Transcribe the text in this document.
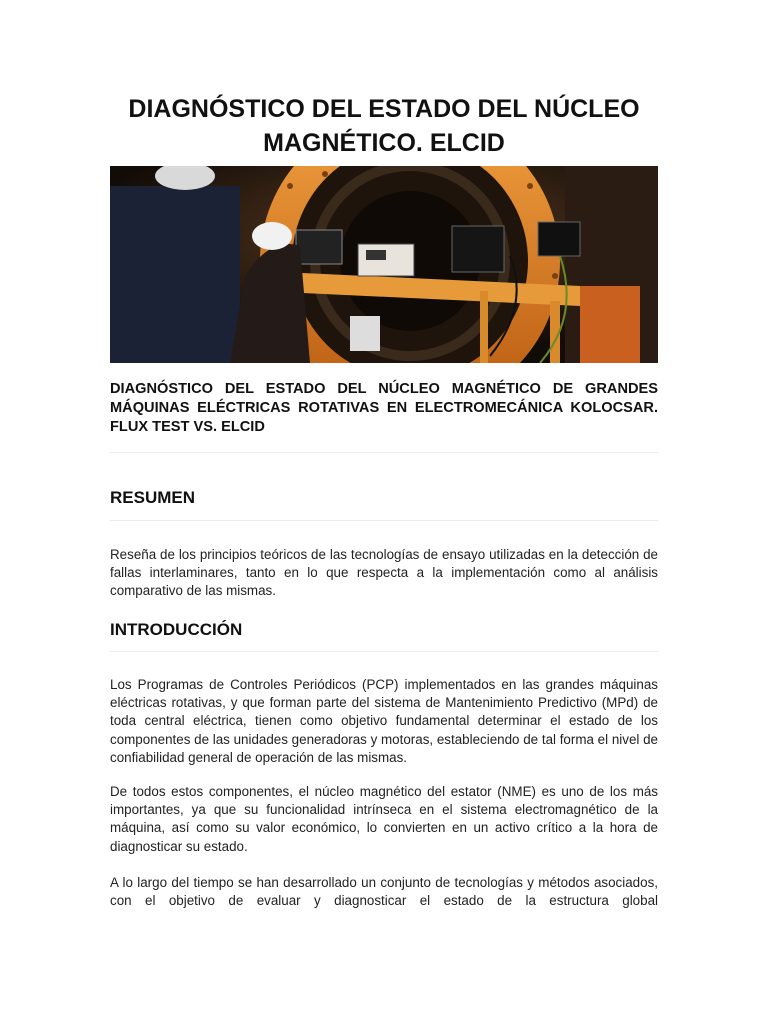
DIAGNÓSTICO DEL ESTADO DEL NÚCLEO MAGNÉTICO. ELCID
DIAGNÓSTICO DEL ESTADO DEL NÚCLEO MAGNÉTICO DE GRANDES MÁQUINAS ELÉCTRICAS ROTATIVAS EN ELECTROMECÁNICA KOLOCSAR. FLUX TEST VS. ELCID
RESUMEN
Reseña de los principios teóricos de las tecnologías de ensayo utilizadas en la detección de fallas interlaminares, tanto en lo que respecta a la implementación como al análisis comparativo de las mismas.
INTRODUCCIÓN
Los Programas de Controles Periódicos (PCP) implementados en las grandes máquinas eléctricas rotativas, y que forman parte del sistema de Mantenimiento Predictivo (MPd) de toda central eléctrica, tienen como objetivo fundamental determinar el estado de los componentes de las unidades generadoras y motoras, estableciendo de tal forma el nivel de confiabilidad general de operación de las mismas.
De todos estos componentes, el núcleo magnético del estator (NME) es uno de los más importantes, ya que su funcionalidad intrínseca en el sistema electromagnético de la máquina, así como su valor económico, lo convierten en un activo crítico a la hora de diagnosticar su estado.
A lo largo del tiempo se han desarrollado un conjunto de tecnologías y métodos asociados, con el objetivo de evaluar y diagnosticar el estado de la estructura global
